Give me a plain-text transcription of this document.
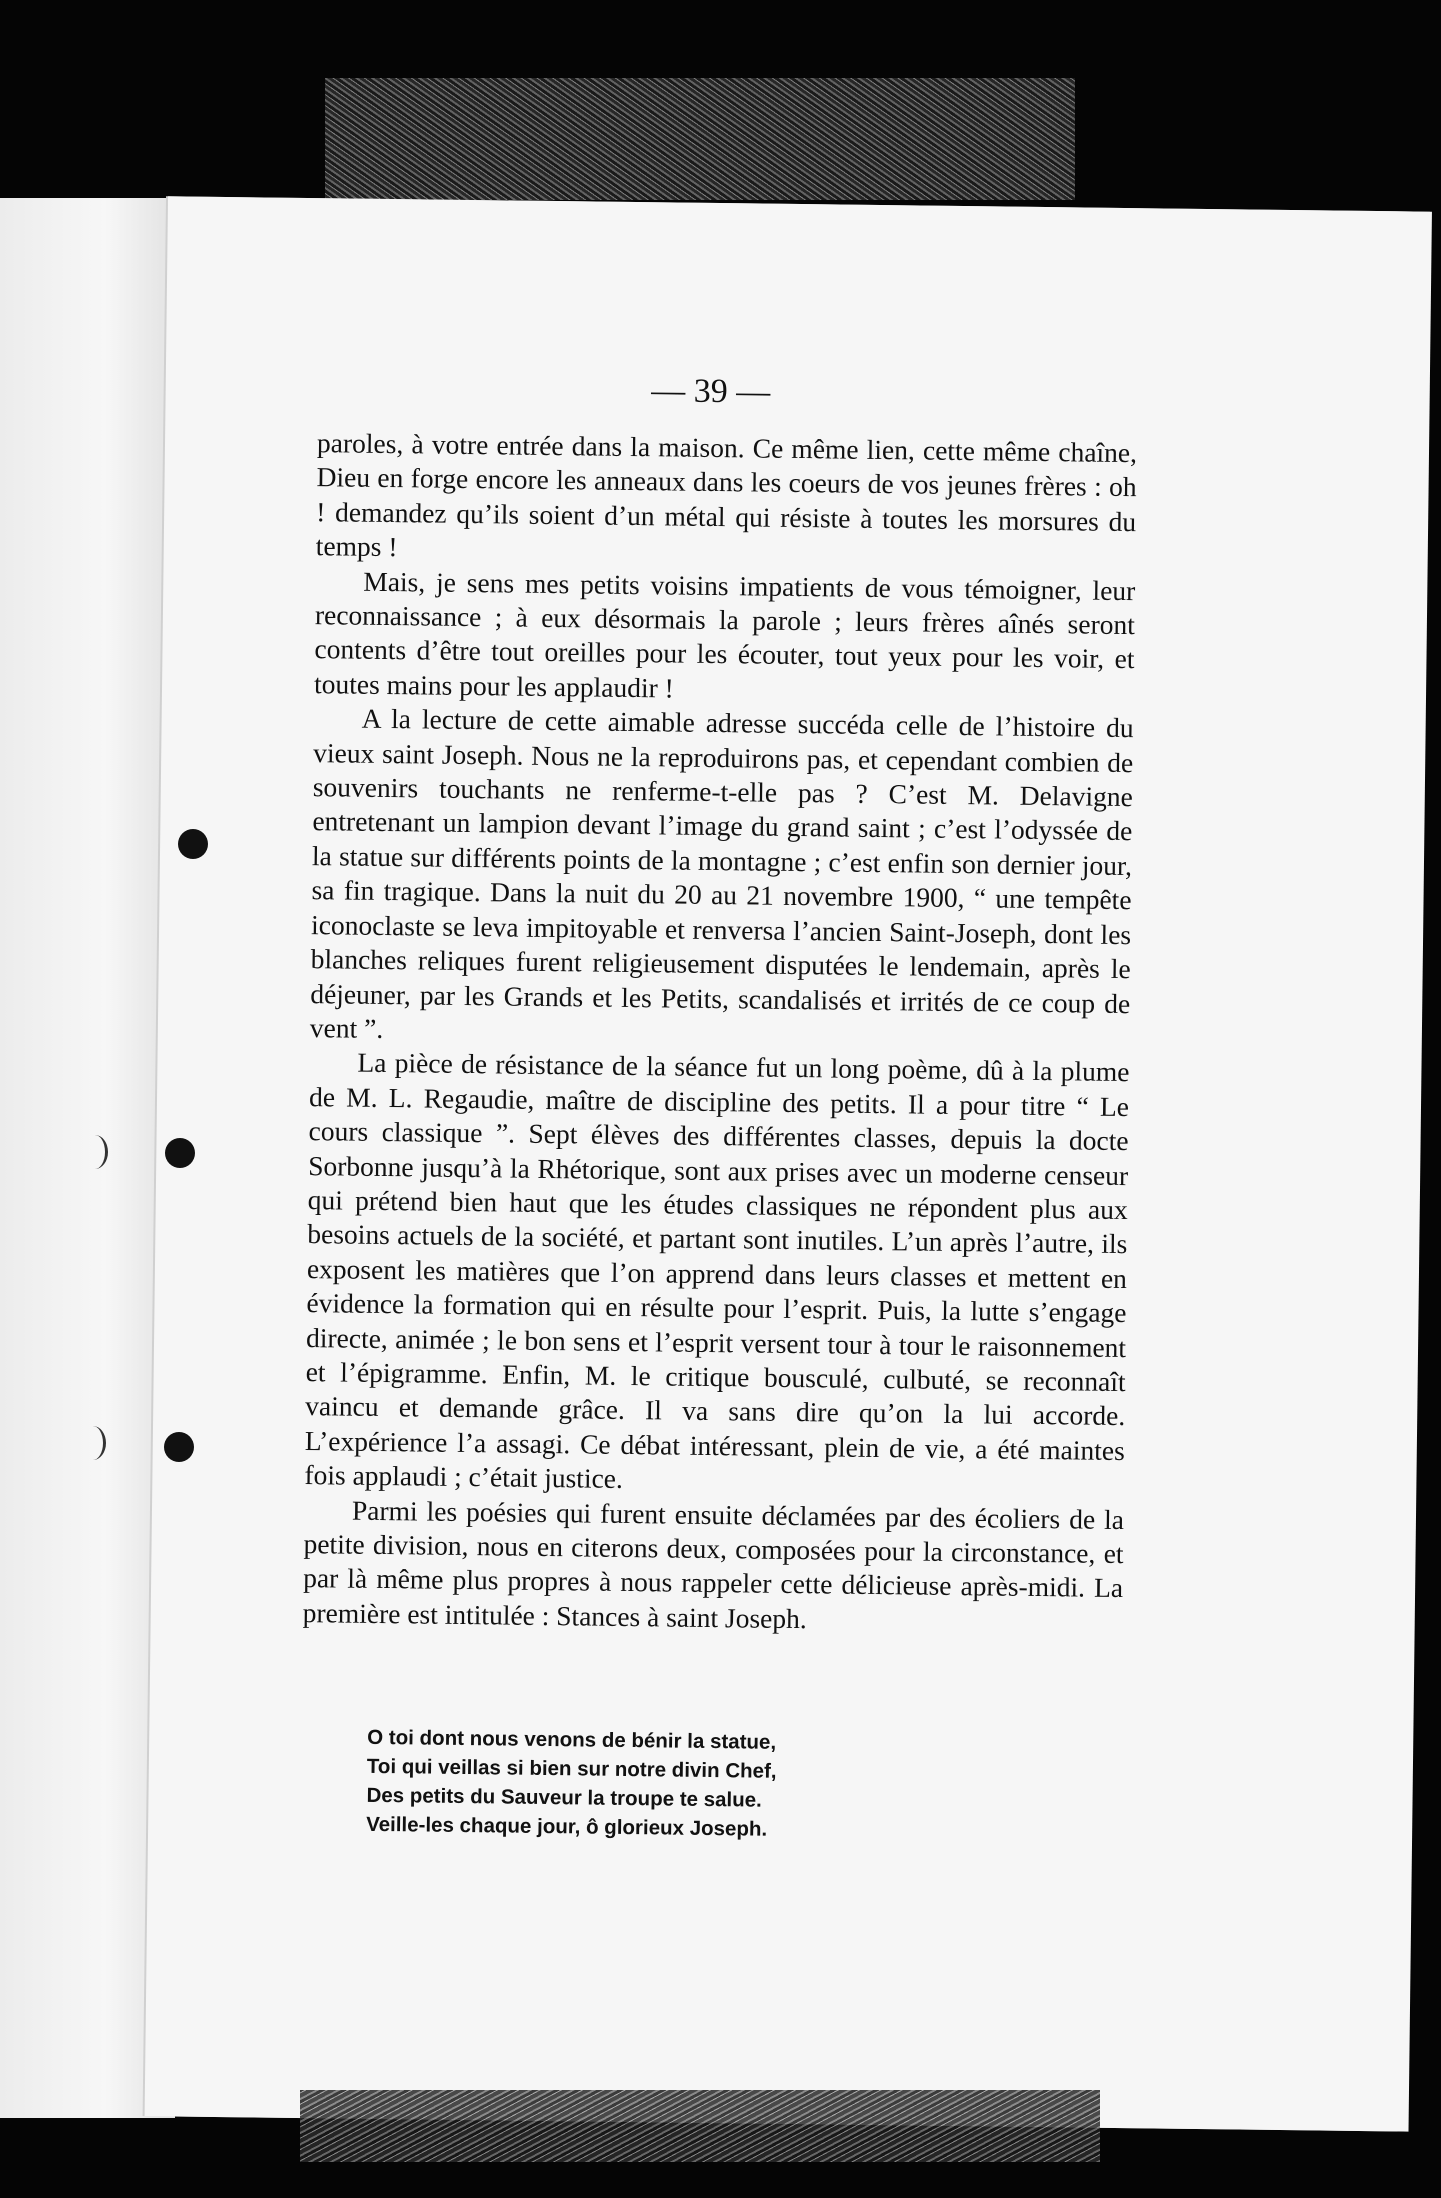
— 39 —

paroles, à votre entrée dans la maison. Ce même lien, cette même chaîne, Dieu en forge encore les anneaux dans les coeurs de vos jeunes frères : oh ! demandez qu’ils soient d’un métal qui résiste à toutes les morsures du temps !

Mais, je sens mes petits voisins impatients de vous témoigner, leur reconnaissance ; à eux désormais la parole ; leurs frères aînés seront contents d’être tout oreilles pour les écouter, tout yeux pour les voir, et toutes mains pour les applaudir !

A la lecture de cette aimable adresse succéda celle de l’histoire du vieux saint Joseph. Nous ne la reproduirons pas, et cependant combien de souvenirs touchants ne renferme-t-elle pas ? C’est M. Delavigne entretenant un lampion devant l’image du grand saint ; c’est l’odyssée de la statue sur différents points de la montagne ; c’est enfin son dernier jour, sa fin tragique. Dans la nuit du 20 au 21 novembre 1900, “ une tempête iconoclaste se leva impitoyable et renversa l’ancien Saint-Joseph, dont les blanches reliques furent religieusement disputées le lendemain, après le déjeuner, par les Grands et les Petits, scandalisés et irrités de ce coup de vent ”.

La pièce de résistance de la séance fut un long poème, dû à la plume de M. L. Regaudie, maître de discipline des petits. Il a pour titre “ Le cours classique ”. Sept élèves des différentes classes, depuis la docte Sorbonne jusqu’à la Rhétorique, sont aux prises avec un moderne censeur qui prétend bien haut que les études classiques ne répondent plus aux besoins actuels de la société, et partant sont inutiles. L’un après l’autre, ils exposent les matières que l’on apprend dans leurs classes et mettent en évidence la formation qui en résulte pour l’esprit. Puis, la lutte s’engage directe, animée ; le bon sens et l’esprit versent tour à tour le raisonnement et l’épigramme. Enfin, M. le critique bousculé, culbuté, se reconnaît vaincu et demande grâce. Il va sans dire qu’on la lui accorde. L’expérience l’a assagi. Ce débat intéressant, plein de vie, a été maintes fois applaudi ; c’était justice.

Parmi les poésies qui furent ensuite déclamées par des écoliers de la petite division, nous en citerons deux, composées pour la circonstance, et par là même plus propres à nous rappeler cette délicieuse après-midi. La première est intitulée : Stances à saint Joseph.

O toi dont nous venons de bénir la statue,
Toi qui veillas si bien sur notre divin Chef,
Des petits du Sauveur la troupe te salue.
Veille-les chaque jour, ô glorieux Joseph.
